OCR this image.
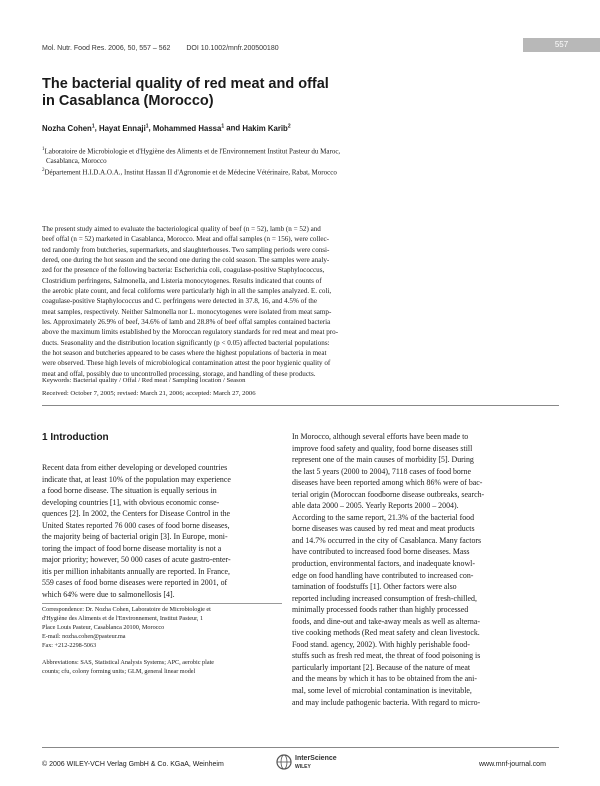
Mol. Nutr. Food Res. 2006, 50, 557 – 562 DOI 10.1002/mnfr.200500180	557
The bacterial quality of red meat and offal
in Casablanca (Morocco)
Nozha Cohen$^1$, Hayat Ennaji$^1$, Mohammed Hassa$^1$ and Hakim Karib$^2$
$^1$Laboratoire de Microbiologie et d'Hygiène des Aliments et de l'Environnement Institut Pasteur du Maroc,
Casablanca, Morocco
$^2$Département H.I.D.A.O.A., Institut Hassan II d'Agronomie et de Médecine Vétérinaire, Rabat, Morocco
The present study aimed to evaluate the bacteriological quality of beef (n = 52), lamb (n = 52) and
beef offal (n = 52) marketed in Casablanca, Morocco. Meat and offal samples (n = 156), were collec-
ted randomly from butcheries, supermarkets, and slaughterhouses. Two sampling periods were consi-
dered, one during the hot season and the second one during the cold season. The samples were analy-
zed for the presence of the following bacteria: Escherichia coli, coagulase-positive Staphylococcus,
Clostridium perfringens, Salmonella, and Listeria monocytogenes. Results indicated that counts of
the aerobic plate count, and fecal coliforms were particularly high in all the samples analyzed. E. coli,
coagulase-positive Staphylococcus and C. perfringens were detected in 37.8, 16, and 4.5% of the
meat samples, respectively. Neither Salmonella nor L. monocytogenes were isolated from meat samp-
les. Approximately 26.9% of beef, 34.6% of lamb and 28.8% of beef offal samples contained bacteria
above the maximum limits established by the Moroccan regulatory standards for red meat and meat pro-
ducts. Seasonality and the distribution location significantly (p < 0.05) affected bacterial populations:
the hot season and butcheries appeared to be cases where the highest populations of bacteria in meat
were observed. These high levels of microbiological contamination attest the poor hygienic quality of
meat and offal, possibly due to uncontrolled processing, storage, and handling of these products.
Keywords: Bacterial quality / Offal / Red meat / Sampling location / Season
Received: October 7, 2005; revised: March 21, 2006; accepted: March 27, 2006
1 Introduction
Recent data from either developing or developed countries
indicate that, at least 10% of the population may experience
a food borne disease. The situation is equally serious in
developing countries [1], with obvious economic conse-
quences [2]. In 2002, the Centers for Disease Control in the
United States reported 76 000 cases of food borne diseases,
the majority being of bacterial origin [3]. In Europe, moni-
toring the impact of food borne disease mortality is not a
major priority; however, 50 000 cases of acute gastro-enter-
itis per million inhabitants annually are reported. In France,
559 cases of food borne diseases were reported in 2001, of
which 64% were due to salmonellosis [4].
In Morocco, although several efforts have been made to
improve food safety and quality, food borne diseases still
represent one of the main causes of morbidity [5]. During
the last 5 years (2000 to 2004), 7118 cases of food borne
diseases have been reported among which 86% were of bac-
terial origin (Moroccan foodborne disease outbreaks, search-
able data 2000 – 2005. Yearly Reports 2000 – 2004).
According to the same report, 21.3% of the bacterial food
borne diseases was caused by red meat and meat products
and 14.7% occurred in the city of Casablanca. Many factors
have contributed to increased food borne diseases. Mass
production, environmental factors, and inadequate knowl-
edge on food handling have contributed to increased con-
tamination of foodstuffs [1]. Other factors were also
reported including increased consumption of fresh-chilled,
minimally processed foods rather than highly processed
foods, and dine-out and take-away meals as well as alterna-
tive cooking methods (Red meat safety and clean livestock.
Food stand. agency, 2002). With highly perishable food-
stuffs such as fresh red meat, the threat of food poisoning is
particularly important [2]. Because of the nature of meat
and the means by which it has to be obtained from the ani-
mal, some level of microbial contamination is inevitable,
and may include pathogenic bacteria. With regard to micro-
Correspondence: Dr. Nozha Cohen, Laboratoire de Microbiologie et
d'Hygiène des Aliments et de l'Environnement, Institut Pasteur, 1
Place Louis Pasteur, Casablanca 20100, Morocco
E-mail: nozha.cohen@pasteur.ma
Fax: +212-2298-5063
Abbreviations: SAS, Statistical Analysis Systems; APC, aerobic plate
counts; cfu, colony forming units; GLM, general linear model
© 2006 WILEY-VCH Verlag GmbH & Co. KGaA, Weinheim
InterScience
WILEY	www.mnf-journal.com
